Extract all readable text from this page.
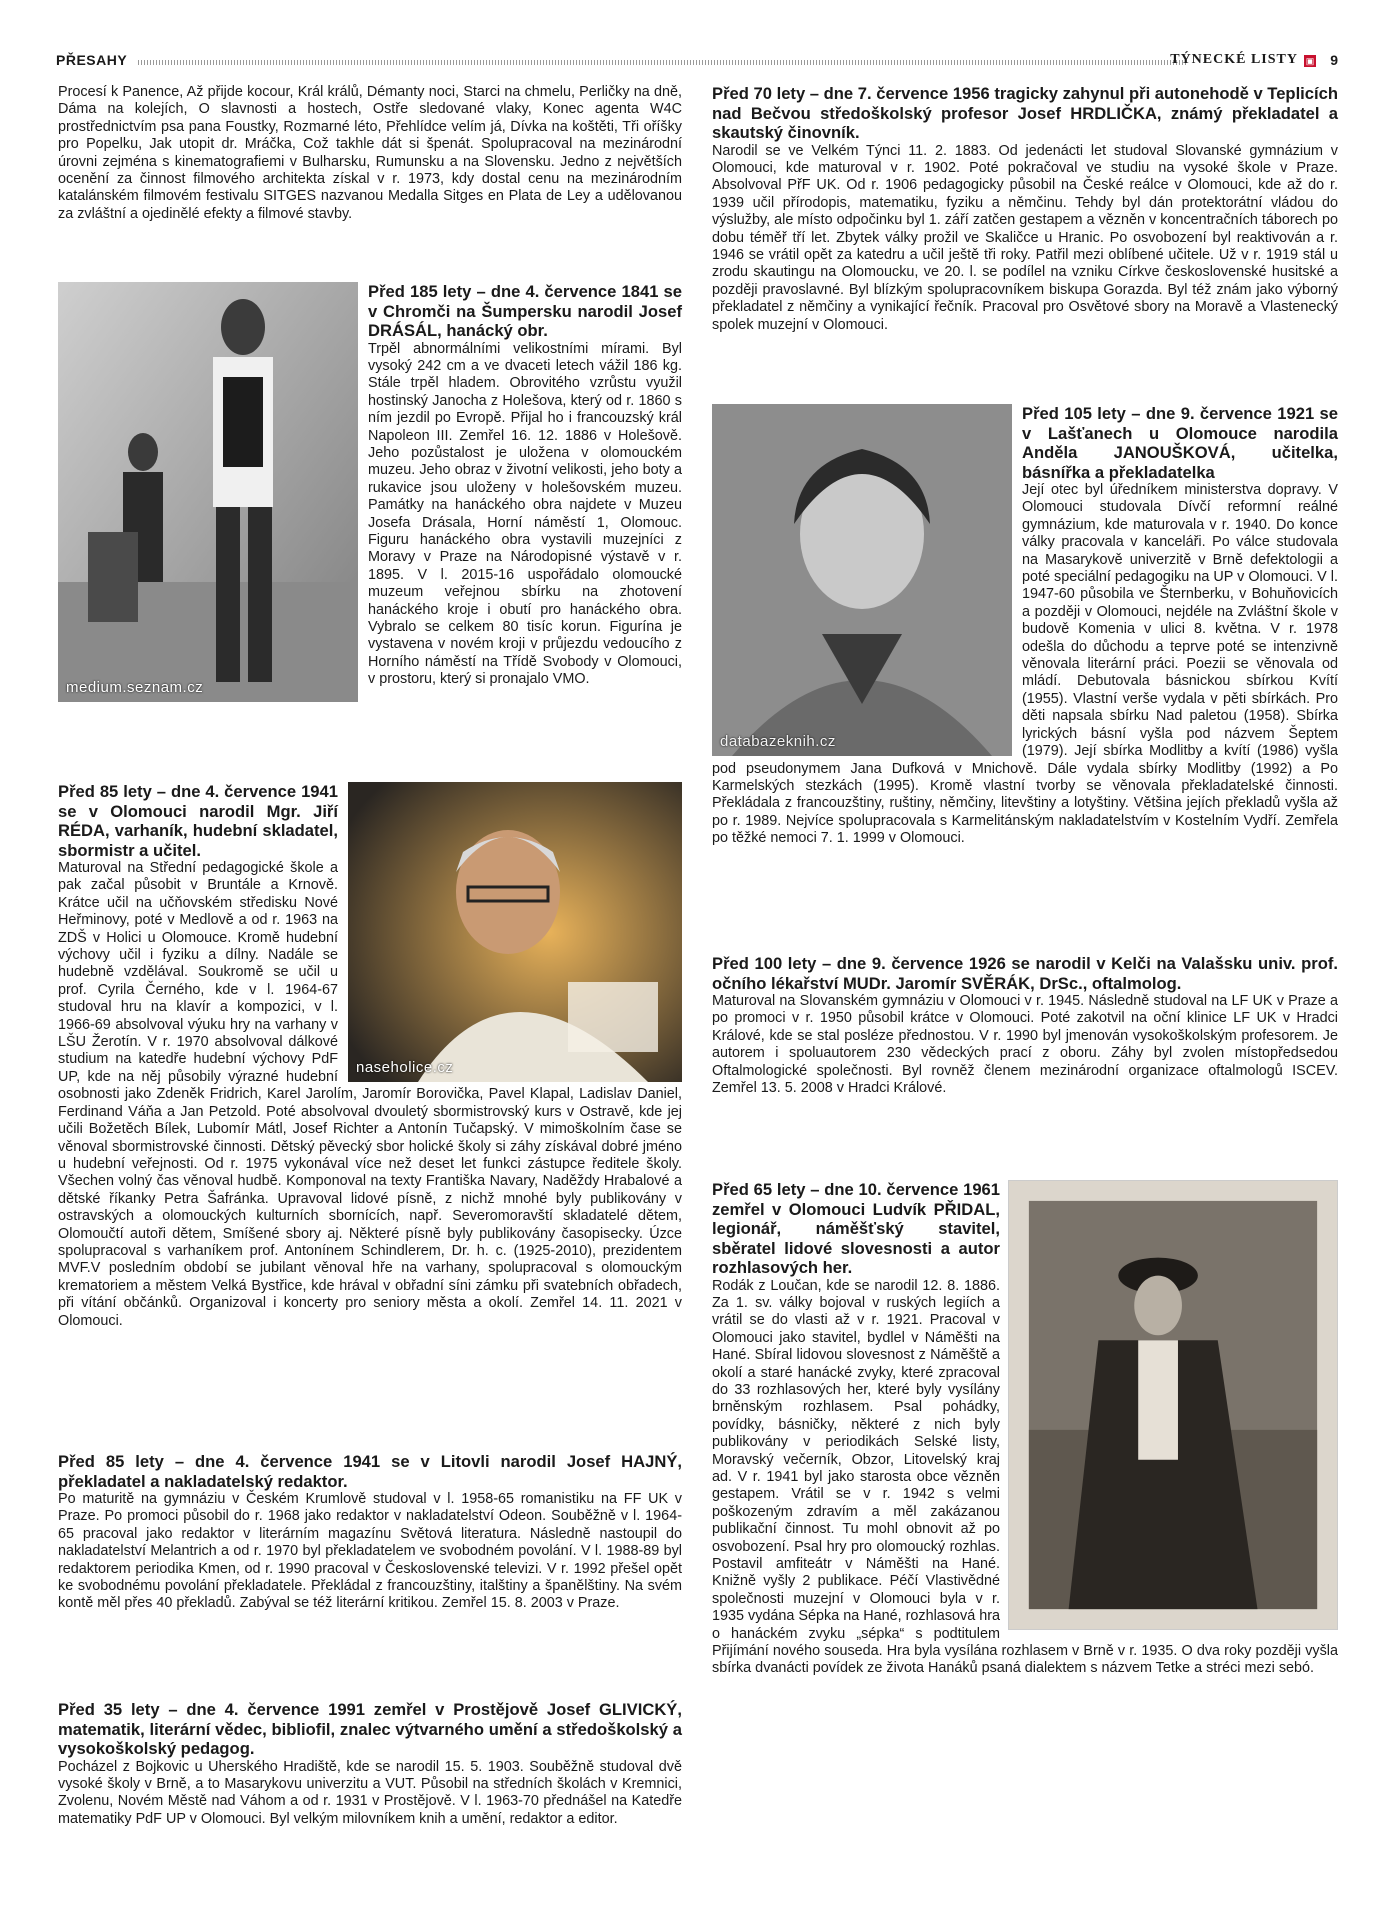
PŘESAHY	TÝNECKÉ LISTY ▣ 9

Procesí k Panence, Až přijde kocour, Král králů, Démanty noci, Starci na chmelu, Perličky na dně, Dáma na kolejích, O slavnosti a hostech, Ostře sledované vlaky, Konec agenta W4C prostřednictvím psa pana Foustky, Rozmarné léto, Přehlídce velím já, Dívka na koštěti, Tři oříšky pro Popelku, Jak utopit dr. Mráčka, Což takhle dát si špenát. Spolupracoval na mezinárodní úrovni zejména s kinematografiemi v Bulharsku, Rumunsku a na Slovensku. Jedno z největších ocenění za činnost filmového architekta získal v r. 1973, kdy dostal cenu na mezinárodním katalánském filmovém festivalu SITGES nazvanou Medalla Sitges en Plata de Ley a udělovanou za zvláštní a ojedinělé efekty a filmové stavby.

medium.seznam.cz

Před 185 lety – dne 4. července 1841 se v Chromči na Šumpersku narodil Josef DRÁSÁL, hanácký obr.

Trpěl abnormálními velikostními mírami. Byl vysoký 242 cm a ve dvaceti letech vážil 186 kg. Stále trpěl hladem. Obrovitého vzrůstu využil hostinský Janocha z Holešova, který od r. 1860 s ním jezdil po Evropě. Přijal ho i francouzský král Napoleon III. Zemřel 16. 12. 1886 v Holešově. Jeho pozůstalost je uložena v olomouckém muzeu. Jeho obraz v životní velikosti, jeho boty a rukavice jsou uloženy v holešovském muzeu. Památky na hanáckého obra najdete v Muzeu Josefa Drásala, Horní náměstí 1, Olomouc. Figuru hanáckého obra vystavili muzejníci z Moravy v Praze na Národopisné výstavě v r. 1895. V l. 2015-16 uspořádalo olomoucké muzeum veřejnou sbírku na zhotovení hanáckého kroje i obutí pro hanáckého obra. Vybralo se celkem 80 tisíc korun. Figurína je vystavena v novém kroji v průjezdu vedoucího z Horního náměstí na Třídě Svobody v Olomouci, v prostoru, který si pronajalo VMO.

naseholice.cz

Před 85 lety – dne 4. července 1941 se v Olomouci narodil Mgr. Jiří RÉDA, varhaník, hudební skladatel, sbormistr a učitel.

Maturoval na Střední pedagogické škole a pak začal působit v Bruntále a Krnově. Krátce učil na učňovském středisku Nové Heřminovy, poté v Medlově a od r. 1963 na ZDŠ v Holici u Olomouce. Kromě hudební výchovy učil i fyziku a dílny. Nadále se hudebně vzdělával. Soukromě se učil u prof. Cyrila Černého, kde v l. 1964-67 studoval hru na klavír a kompozici, v l. 1966-69 absolvoval výuku hry na varhany v LŠU Žerotín. V r. 1970 absolvoval dálkové studium na katedře hudební výchovy PdF UP, kde na něj působily výrazné hudební osobnosti jako Zdeněk Fridrich, Karel Jarolím, Jaromír Borovička, Pavel Klapal, Ladislav Daniel, Ferdinand Váňa a Jan Petzold. Poté absolvoval dvouletý sbormistrovský kurs v Ostravě, kde jej učili Božetěch Bílek, Lubomír Mátl, Josef Richter a Antonín Tučapský. V mimoškolním čase se věnoval sbormistrovské činnosti. Dětský pěvecký sbor holické školy si záhy získával dobré jméno u hudební veřejnosti. Od r. 1975 vykonával více než deset let funkci zástupce ředitele školy. Všechen volný čas věnoval hudbě. Komponoval na texty Františka Navary, Naděždy Hrabalové a dětské říkanky Petra Šafránka. Upravoval lidové písně, z nichž mnohé byly publikovány v ostravských a olomouckých kulturních sbornících, např. Severomoravští skladatelé dětem, Olomoučtí autoři dětem, Smíšené sbory aj. Některé písně byly publikovány časopisecky. Úzce spolupracoval s varhaníkem prof. Antonínem Schindlerem, Dr. h. c. (1925-2010), prezidentem MVF.V posledním období se jubilant věnoval hře na varhany, spolupracoval s olomouckým krematoriem a městem Velká Bystřice, kde hrával v obřadní síni zámku při svatebních obřadech, při vítání občánků. Organizoval i koncerty pro seniory města a okolí. Zemřel 14. 11. 2021 v Olomouci.

Před 85 lety – dne 4. července 1941 se v Litovli narodil Josef HAJNÝ, překladatel a nakladatelský redaktor.

Po maturitě na gymnáziu v Českém Krumlově studoval v l. 1958-65 romanistiku na FF UK v Praze. Po promoci působil do r. 1968 jako redaktor v nakladatelství Odeon. Souběžně v l. 1964-65 pracoval jako redaktor v literárním magazínu Světová literatura. Následně nastoupil do nakladatelství Melantrich a od r. 1970 byl překladatelem ve svobodném povolání. V l. 1988-89 byl redaktorem periodika Kmen, od r. 1990 pracoval v Československé televizi. V r. 1992 přešel opět ke svobodnému povolání překladatele. Překládal z francouzštiny, italštiny a španělštiny. Na svém kontě měl přes 40 překladů. Zabýval se též literární kritikou. Zemřel 15. 8. 2003 v Praze.

Před 35 lety – dne 4. července 1991 zemřel v Prostějově Josef GLIVICKÝ, matematik, literární vědec, bibliofil, znalec výtvarného umění a středoškolský a vysokoškolský pedagog.

Pocházel z Bojkovic u Uherského Hradiště, kde se narodil 15. 5. 1903. Souběžně studoval dvě vysoké školy v Brně, a to Masarykovu univerzitu a VUT. Působil na středních školách v Kremnici, Zvolenu, Novém Městě nad Váhom a od r. 1931 v Prostějově. V l. 1963-70 přednášel na Katedře matematiky PdF UP v Olomouci. Byl velkým milovníkem knih a umění, redaktor a editor.

Před 70 lety – dne 7. července 1956 tragicky zahynul při autonehodě v Teplicích nad Bečvou středoškolský profesor Josef HRDLIČKA, známý překladatel a skautský činovník.

Narodil se ve Velkém Týnci 11. 2. 1883. Od jedenácti let studoval Slovanské gymnázium v Olomouci, kde maturoval v r. 1902. Poté pokračoval ve studiu na vysoké škole v Praze. Absolvoval PřF UK. Od r. 1906 pedagogicky působil na České reálce v Olomouci, kde až do r. 1939 učil přírodopis, matematiku, fyziku a němčinu. Tehdy byl dán protektorátní vládou do výslužby, ale místo odpočinku byl 1. září zatčen gestapem a vězněn v koncentračních táborech po dobu téměř tří let. Zbytek války prožil ve Skaličce u Hranic. Po osvobození byl reaktivován a r. 1946 se vrátil opět za katedru a učil ještě tři roky. Patřil mezi oblíbené učitele. Už v r. 1919 stál u zrodu skautingu na Olomoucku, ve 20. l. se podílel na vzniku Církve československé husitské a později pravoslavné. Byl blízkým spolupracovníkem biskupa Gorazda. Byl též znám jako výborný překladatel z němčiny a vynikající řečník. Pracoval pro Osvětové sbory na Moravě a Vlastenecký spolek muzejní v Olomouci.

databazeknih.cz

Před 105 lety – dne 9. července 1921 se v Lašťanech u Olomouce narodila Anděla JANOUŠKOVÁ, učitelka, básnířka a překladatelka

Její otec byl úředníkem ministerstva dopravy. V Olomouci studovala Dívčí reformní reálné gymnázium, kde maturovala v r. 1940. Do konce války pracovala v kanceláři. Po válce studovala na Masarykově univerzitě v Brně defektologii a poté speciální pedagogiku na UP v Olomouci. V l. 1947-60 působila ve Šternberku, v Bohuňovicích a později v Olomouci, nejdéle na Zvláštní škole v budově Komenia v ulici 8. května. V r. 1978 odešla do důchodu a teprve poté se intenzivně věnovala literární práci. Poezii se věnovala od mládí. Debutovala básnickou sbírkou Kvítí (1955). Vlastní verše vydala v pěti sbírkách. Pro děti napsala sbírku Nad paletou (1958). Sbírka lyrických básní vyšla pod názvem Šeptem (1979). Její sbírka Modlitby a kvítí (1986) vyšla pod pseudonymem Jana Dufková v Mnichově. Dále vydala sbírky Modlitby (1992) a Po Karmelských stezkách (1995). Kromě vlastní tvorby se věnovala překladatelské činnosti. Překládala z francouzštiny, ruštiny, němčiny, litevštiny a lotyštiny. Většina jejích překladů vyšla až po r. 1989. Nejvíce spolupracovala s Karmelitánským nakladatelstvím v Kostelním Vydří. Zemřela po těžké nemoci 7. 1. 1999 v Olomouci.

Před 100 lety – dne 9. července 1926 se narodil v Kelči na Valašsku univ. prof. očního lékařství MUDr. Jaromír SVĚRÁK, DrSc., oftalmolog.

Maturoval na Slovanském gymnáziu v Olomouci v r. 1945. Následně studoval na LF UK v Praze a po promoci v r. 1950 působil krátce v Olomouci. Poté zakotvil na oční klinice LF UK v Hradci Králové, kde se stal posléze přednostou. V r. 1990 byl jmenován vysokoškolským profesorem. Je autorem i spoluautorem 230 vědeckých prací z oboru. Záhy byl zvolen místopředsedou Oftalmologické společnosti. Byl rovněž členem mezinárodní organizace oftalmologů ISCEV. Zemřel 13. 5. 2008 v Hradci Králové.

Před 65 lety – dne 10. července 1961 zemřel v Olomouci Ludvík PŘIDAL, legionář, náměšťský stavitel, sběratel lidové slovesnosti a autor rozhlasových her.

Rodák z Loučan, kde se narodil 12. 8. 1886. Za 1. sv. války bojoval v ruských legiích a vrátil se do vlasti až v r. 1921. Pracoval v Olomouci jako stavitel, bydlel v Náměšti na Hané. Sbíral lidovou slovesnost z Náměště a okolí a staré hanácké zvyky, které zpracoval do 33 rozhlasových her, které byly vysílány brněnským rozhlasem. Psal pohádky, povídky, básničky, některé z nich byly publikovány v periodikách Selské listy, Moravský večerník, Obzor, Litovelský kraj ad. V r. 1941 byl jako starosta obce vězněn gestapem. Vrátil se v r. 1942 s velmi poškozeným zdravím a měl zakázanou publikační činnost. Tu mohl obnovit až po osvobození. Psal hry pro olomoucký rozhlas. Postavil amfiteátr v Náměšti na Hané. Knižně vyšly 2 publikace. Péčí Vlastivědné společnosti muzejní v Olomouci byla v r. 1935 vydána Sépka na Hané, rozhlasová hra o hanáckém zvyku „sépka“ s podtitulem Přijímání nového souseda. Hra byla vysílána rozhlasem v Brně v r. 1935. O dva roky později vyšla sbírka dvanácti povídek ze života Hanáků psaná dialektem s názvem Tetke a stréci mezi sebó.
